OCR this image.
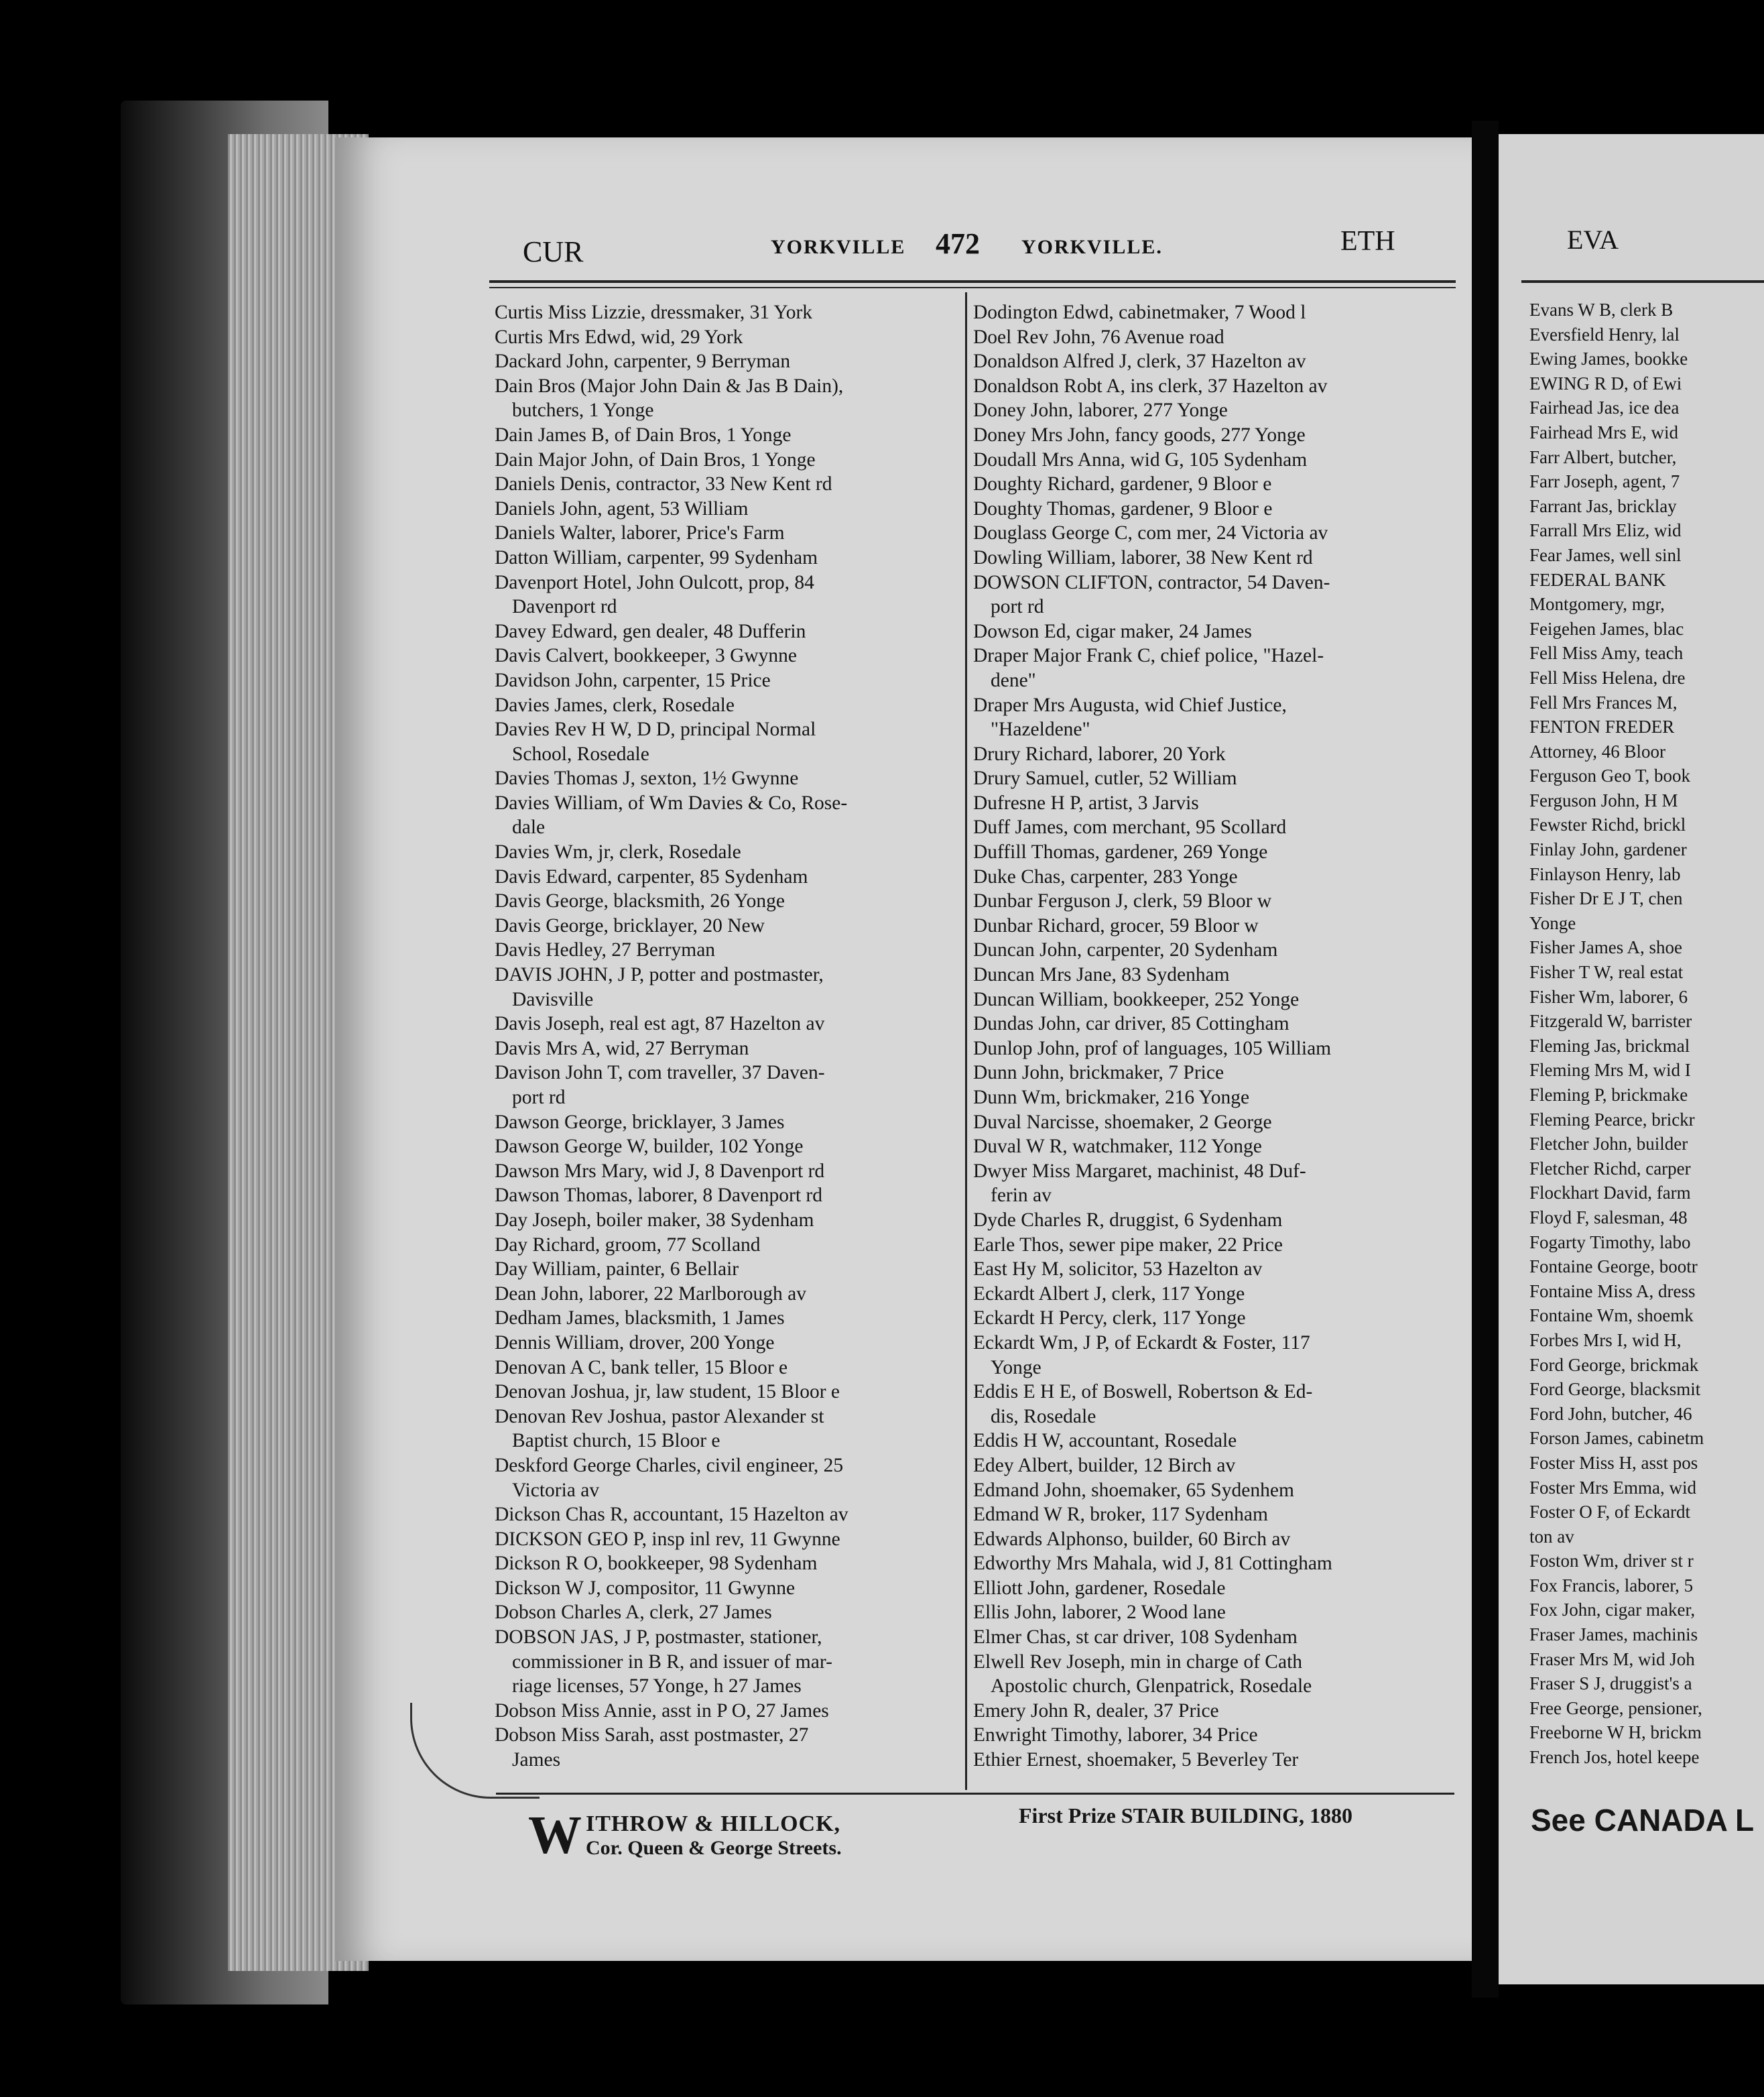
CUR	YORKVILLE 472 YORKVILLE.	ETH	EVA
Curtis Miss Lizzie, dressmaker, 31 York
Curtis Mrs Edwd, wid, 29 York
Dackard John, carpenter, 9 Berryman
Dain Bros (Major John Dain & Jas B Dain),
butchers, 1 Yonge
Dain James B, of Dain Bros, 1 Yonge
Dain Major John, of Dain Bros, 1 Yonge
Daniels Denis, contractor, 33 New Kent rd
Daniels John, agent, 53 William
Daniels Walter, laborer, Price's Farm
Datton William, carpenter, 99 Sydenham
Davenport Hotel, John Oulcott, prop, 84
Davenport rd
Davey Edward, gen dealer, 48 Dufferin
Davis Calvert, bookkeeper, 3 Gwynne
Davidson John, carpenter, 15 Price
Davies James, clerk, Rosedale
Davies Rev H W, D D, principal Normal
School, Rosedale
Davies Thomas J, sexton, 1½ Gwynne
Davies William, of Wm Davies & Co, Rose-
dale
Davies Wm, jr, clerk, Rosedale
Davis Edward, carpenter, 85 Sydenham
Davis George, blacksmith, 26 Yonge
Davis George, bricklayer, 20 New
Davis Hedley, 27 Berryman
DAVIS JOHN, J P, potter and postmaster,
Davisville
Davis Joseph, real est agt, 87 Hazelton av
Davis Mrs A, wid, 27 Berryman
Davison John T, com traveller, 37 Daven-
port rd
Dawson George, bricklayer, 3 James
Dawson George W, builder, 102 Yonge
Dawson Mrs Mary, wid J, 8 Davenport rd
Dawson Thomas, laborer, 8 Davenport rd
Day Joseph, boiler maker, 38 Sydenham
Day Richard, groom, 77 Scolland
Day William, painter, 6 Bellair
Dean John, laborer, 22 Marlborough av
Dedham James, blacksmith, 1 James
Dennis William, drover, 200 Yonge
Denovan A C, bank teller, 15 Bloor e
Denovan Joshua, jr, law student, 15 Bloor e
Denovan Rev Joshua, pastor Alexander st
Baptist church, 15 Bloor e
Deskford George Charles, civil engineer, 25
Victoria av
Dickson Chas R, accountant, 15 Hazelton av
DICKSON GEO P, insp inl rev, 11 Gwynne
Dickson R O, bookkeeper, 98 Sydenham
Dickson W J, compositor, 11 Gwynne
Dobson Charles A, clerk, 27 James
DOBSON JAS, J P, postmaster, stationer,
commissioner in B R, and issuer of mar-
riage licenses, 57 Yonge, h 27 James
Dobson Miss Annie, asst in P O, 27 James
Dobson Miss Sarah, asst postmaster, 27
James
Dodington Edwd, cabinetmaker, 7 Wood l
Doel Rev John, 76 Avenue road
Donaldson Alfred J, clerk, 37 Hazelton av
Donaldson Robt A, ins clerk, 37 Hazelton av
Doney John, laborer, 277 Yonge
Doney Mrs John, fancy goods, 277 Yonge
Doudall Mrs Anna, wid G, 105 Sydenham
Doughty Richard, gardener, 9 Bloor e
Doughty Thomas, gardener, 9 Bloor e
Douglass George C, com mer, 24 Victoria av
Dowling William, laborer, 38 New Kent rd
DOWSON CLIFTON, contractor, 54 Daven-
port rd
Dowson Ed, cigar maker, 24 James
Draper Major Frank C, chief police, "Hazel-
dene"
Draper Mrs Augusta, wid Chief Justice,
"Hazeldene"
Drury Richard, laborer, 20 York
Drury Samuel, cutler, 52 William
Dufresne H P, artist, 3 Jarvis
Duff James, com merchant, 95 Scollard
Duffill Thomas, gardener, 269 Yonge
Duke Chas, carpenter, 283 Yonge
Dunbar Ferguson J, clerk, 59 Bloor w
Dunbar Richard, grocer, 59 Bloor w
Duncan John, carpenter, 20 Sydenham
Duncan Mrs Jane, 83 Sydenham
Duncan William, bookkeeper, 252 Yonge
Dundas John, car driver, 85 Cottingham
Dunlop John, prof of languages, 105 William
Dunn John, brickmaker, 7 Price
Dunn Wm, brickmaker, 216 Yonge
Duval Narcisse, shoemaker, 2 George
Duval W R, watchmaker, 112 Yonge
Dwyer Miss Margaret, machinist, 48 Duf-
ferin av
Dyde Charles R, druggist, 6 Sydenham
Earle Thos, sewer pipe maker, 22 Price
East Hy M, solicitor, 53 Hazelton av
Eckardt Albert J, clerk, 117 Yonge
Eckardt H Percy, clerk, 117 Yonge
Eckardt Wm, J P, of Eckardt & Foster, 117
Yonge
Eddis E H E, of Boswell, Robertson & Ed-
dis, Rosedale
Eddis H W, accountant, Rosedale
Edey Albert, builder, 12 Birch av
Edmand John, shoemaker, 65 Sydenhem
Edmand W R, broker, 117 Sydenham
Edwards Alphonso, builder, 60 Birch av
Edworthy Mrs Mahala, wid J, 81 Cottingham
Elliott John, gardener, Rosedale
Ellis John, laborer, 2 Wood lane
Elmer Chas, st car driver, 108 Sydenham
Elwell Rev Joseph, min in charge of Cath
Apostolic church, Glenpatrick, Rosedale
Emery John R, dealer, 37 Price
Enwright Timothy, laborer, 34 Price
Ethier Ernest, shoemaker, 5 Beverley Ter
Evans W B, clerk B
Eversfield Henry, lal
Ewing James, bookke
EWING R D, of Ewi
Fairhead Jas, ice dea
Fairhead Mrs E, wid
Farr Albert, butcher,
Farr Joseph, agent, 7
Farrant Jas, bricklay
Farrall Mrs Eliz, wid
Fear James, well sinl
FEDERAL BANK
Montgomery, mgr,
Feigehen James, blac
Fell Miss Amy, teach
Fell Miss Helena, dre
Fell Mrs Frances M,
FENTON FREDER
Attorney, 46 Bloor
Ferguson Geo T, book
Ferguson John, H M
Fewster Richd, brickl
Finlay John, gardener
Finlayson Henry, lab
Fisher Dr E J T, chen
Yonge
Fisher James A, shoe
Fisher T W, real estat
Fisher Wm, laborer, 6
Fitzgerald W, barrister
Fleming Jas, brickmal
Fleming Mrs M, wid I
Fleming P, brickmake
Fleming Pearce, brickr
Fletcher John, builder
Fletcher Richd, carper
Flockhart David, farm
Floyd F, salesman, 48
Fogarty Timothy, labo
Fontaine George, bootr
Fontaine Miss A, dress
Fontaine Wm, shoemk
Forbes Mrs I, wid H,
Ford George, brickmak
Ford George, blacksmit
Ford John, butcher, 46
Forson James, cabinetm
Foster Miss H, asst pos
Foster Mrs Emma, wid
Foster O F, of Eckardt
ton av
Foston Wm, driver st r
Fox Francis, laborer, 5
Fox John, cigar maker,
Fraser James, machinis
Fraser Mrs M, wid Joh
Fraser S J, druggist's a
Free George, pensioner,
Freeborne W H, brickm
French Jos, hotel keepe
W ITHROW & HILLOCK,
Cor. Queen & George Streets.
First Prize STAIR BUILDING, 1880	See CANADA L
